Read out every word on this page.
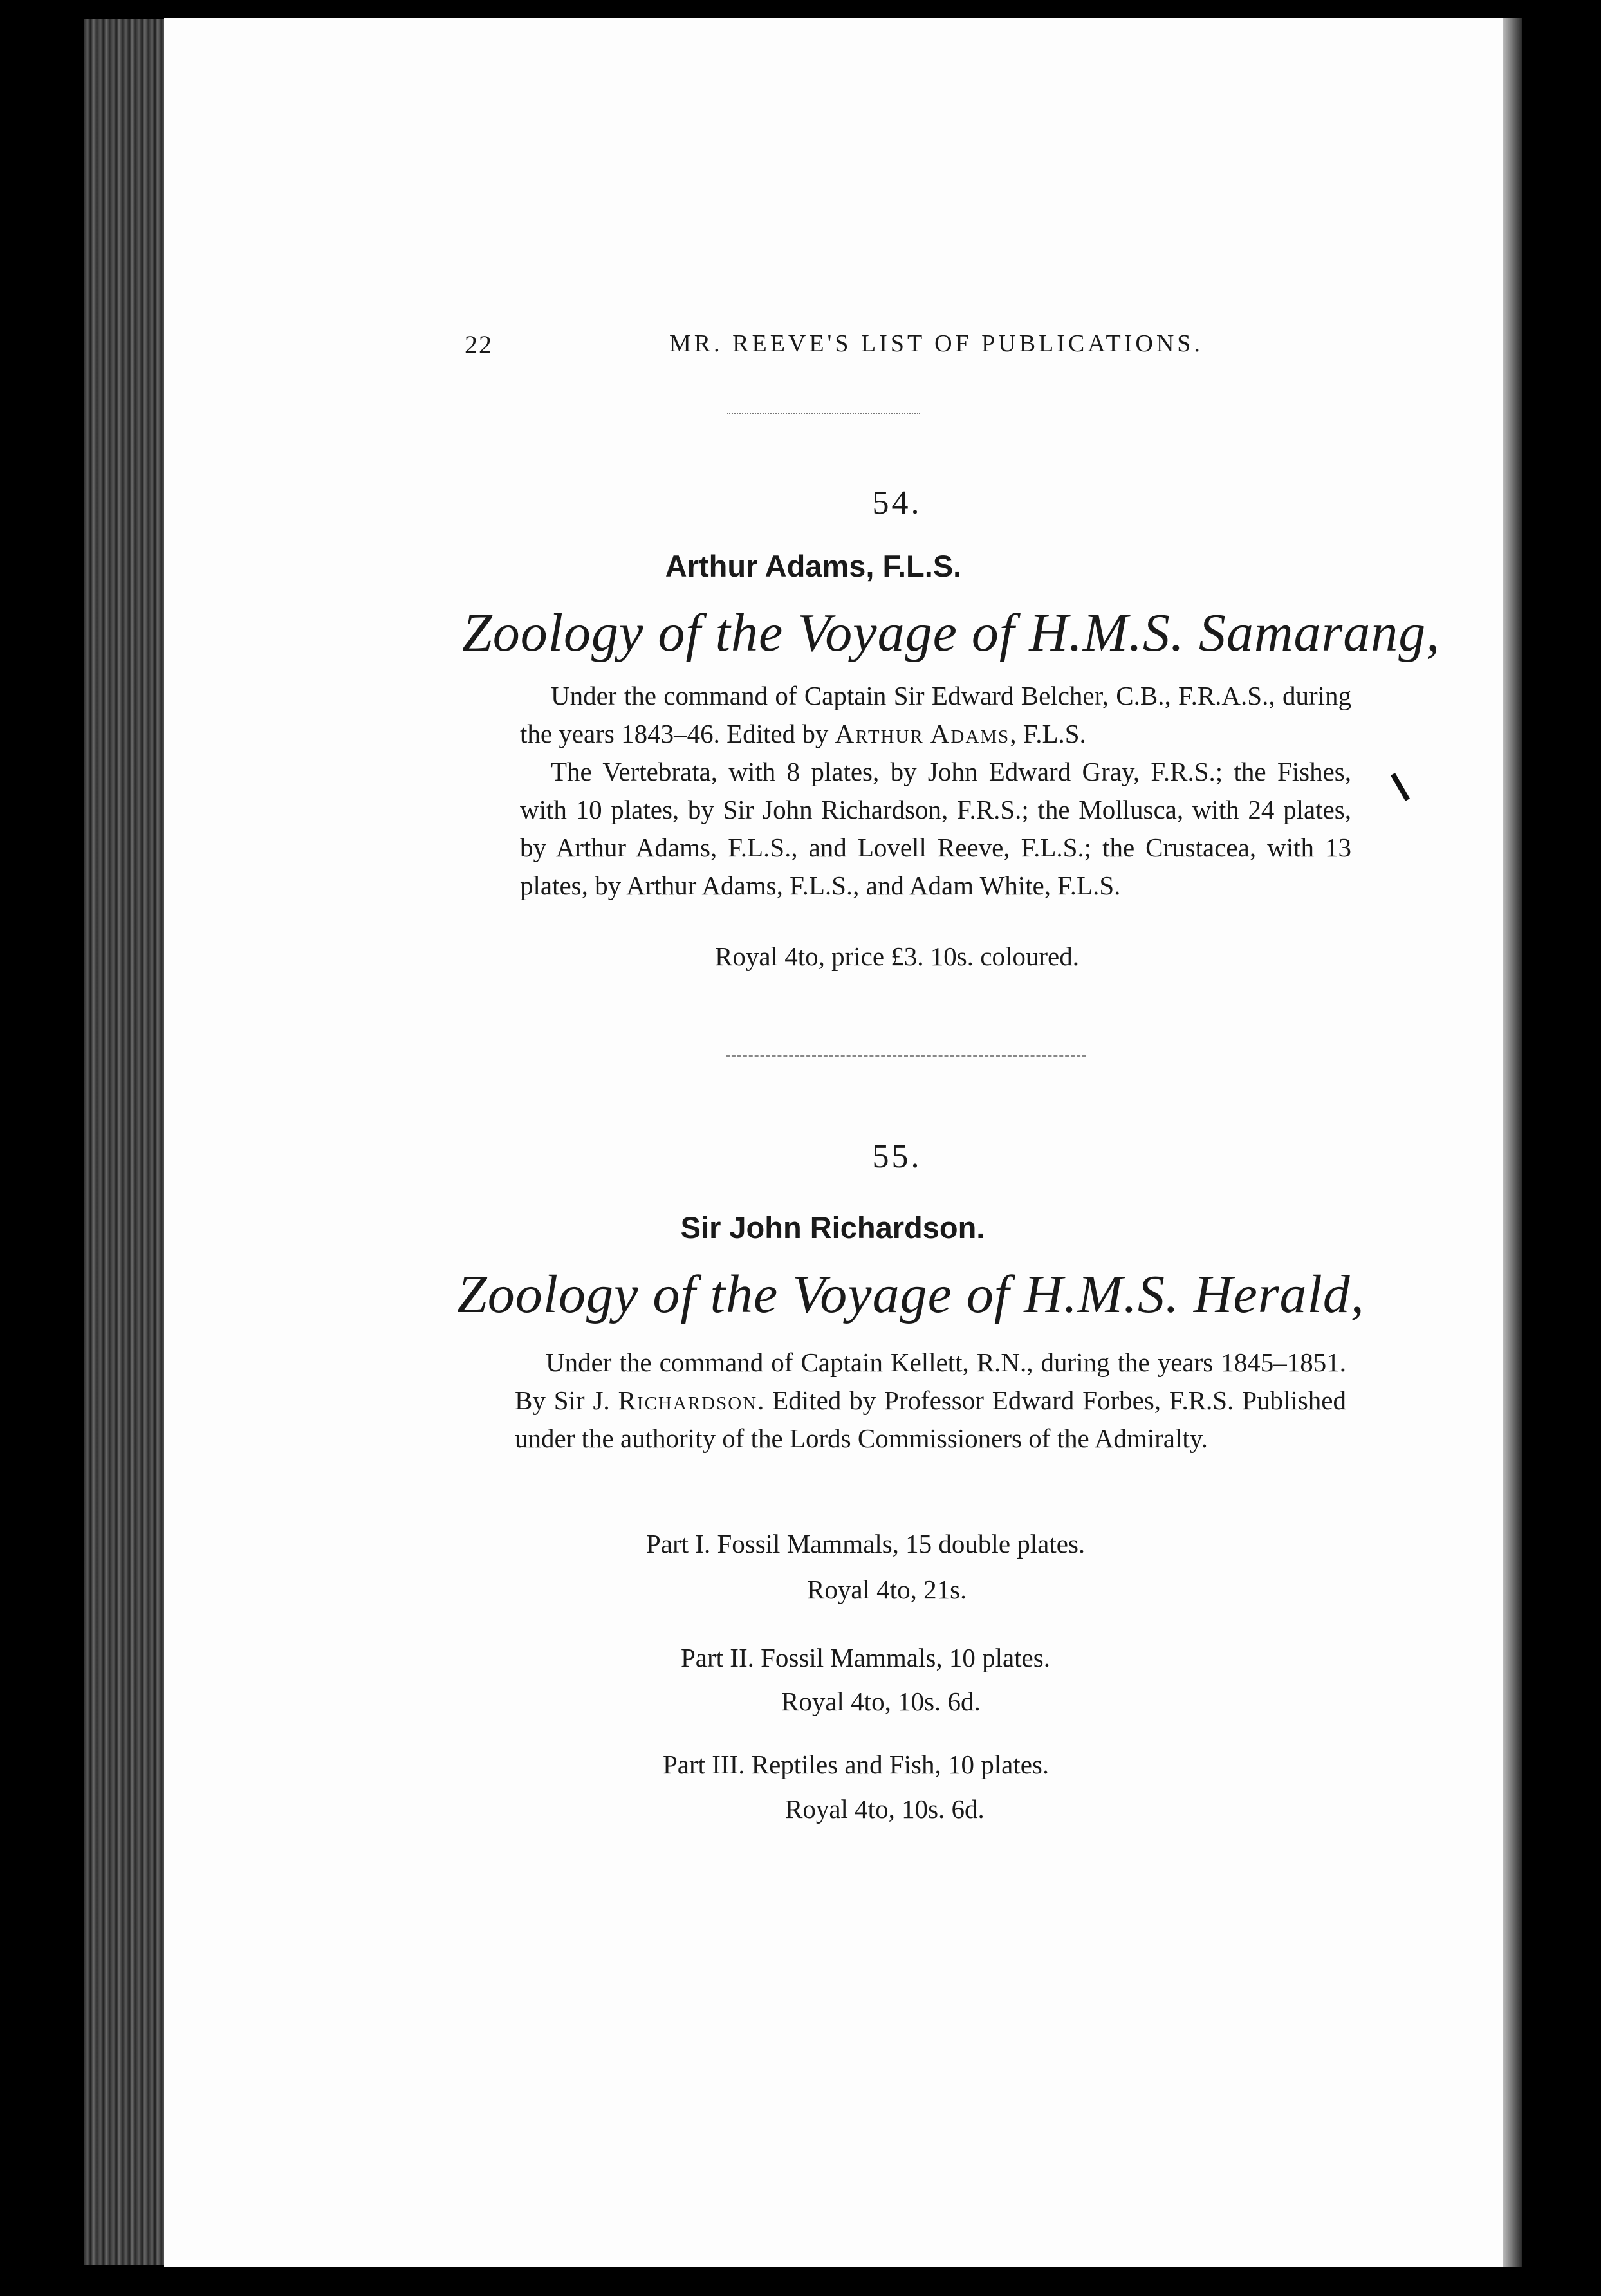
22	MR. REEVE'S LIST OF PUBLICATIONS.
54.
Arthur Adams, F.L.S.
Zoology of the Voyage of H.M.S. Samarang,

Under the command of Captain Sir Edward Belcher, C.B., F.R.A.S., during the years 1843–46. Edited by Arthur Adams, F.L.S.

The Vertebrata, with 8 plates, by John Edward Gray, F.R.S.; the Fishes, with 10 plates, by Sir John Richardson, F.R.S.; the Mollusca, with 24 plates, by Arthur Adams, F.L.S., and Lovell Reeve, F.L.S.; the Crustacea, with 13 plates, by Arthur Adams, F.L.S., and Adam White, F.L.S.

Royal 4to, price £3. 10s. coloured.
55.
Sir John Richardson.
Zoology of the Voyage of H.M.S. Herald,

Under the command of Captain Kellett, R.N., during the years 1845–1851. By Sir J. Richardson. Edited by Professor Edward Forbes, F.R.S. Published under the authority of the Lords Commissioners of the Admiralty.

Part I. Fossil Mammals, 15 double plates.
Royal 4to, 21s.
Part II. Fossil Mammals, 10 plates.
Royal 4to, 10s. 6d.
Part III. Reptiles and Fish, 10 plates.
Royal 4to, 10s. 6d.
